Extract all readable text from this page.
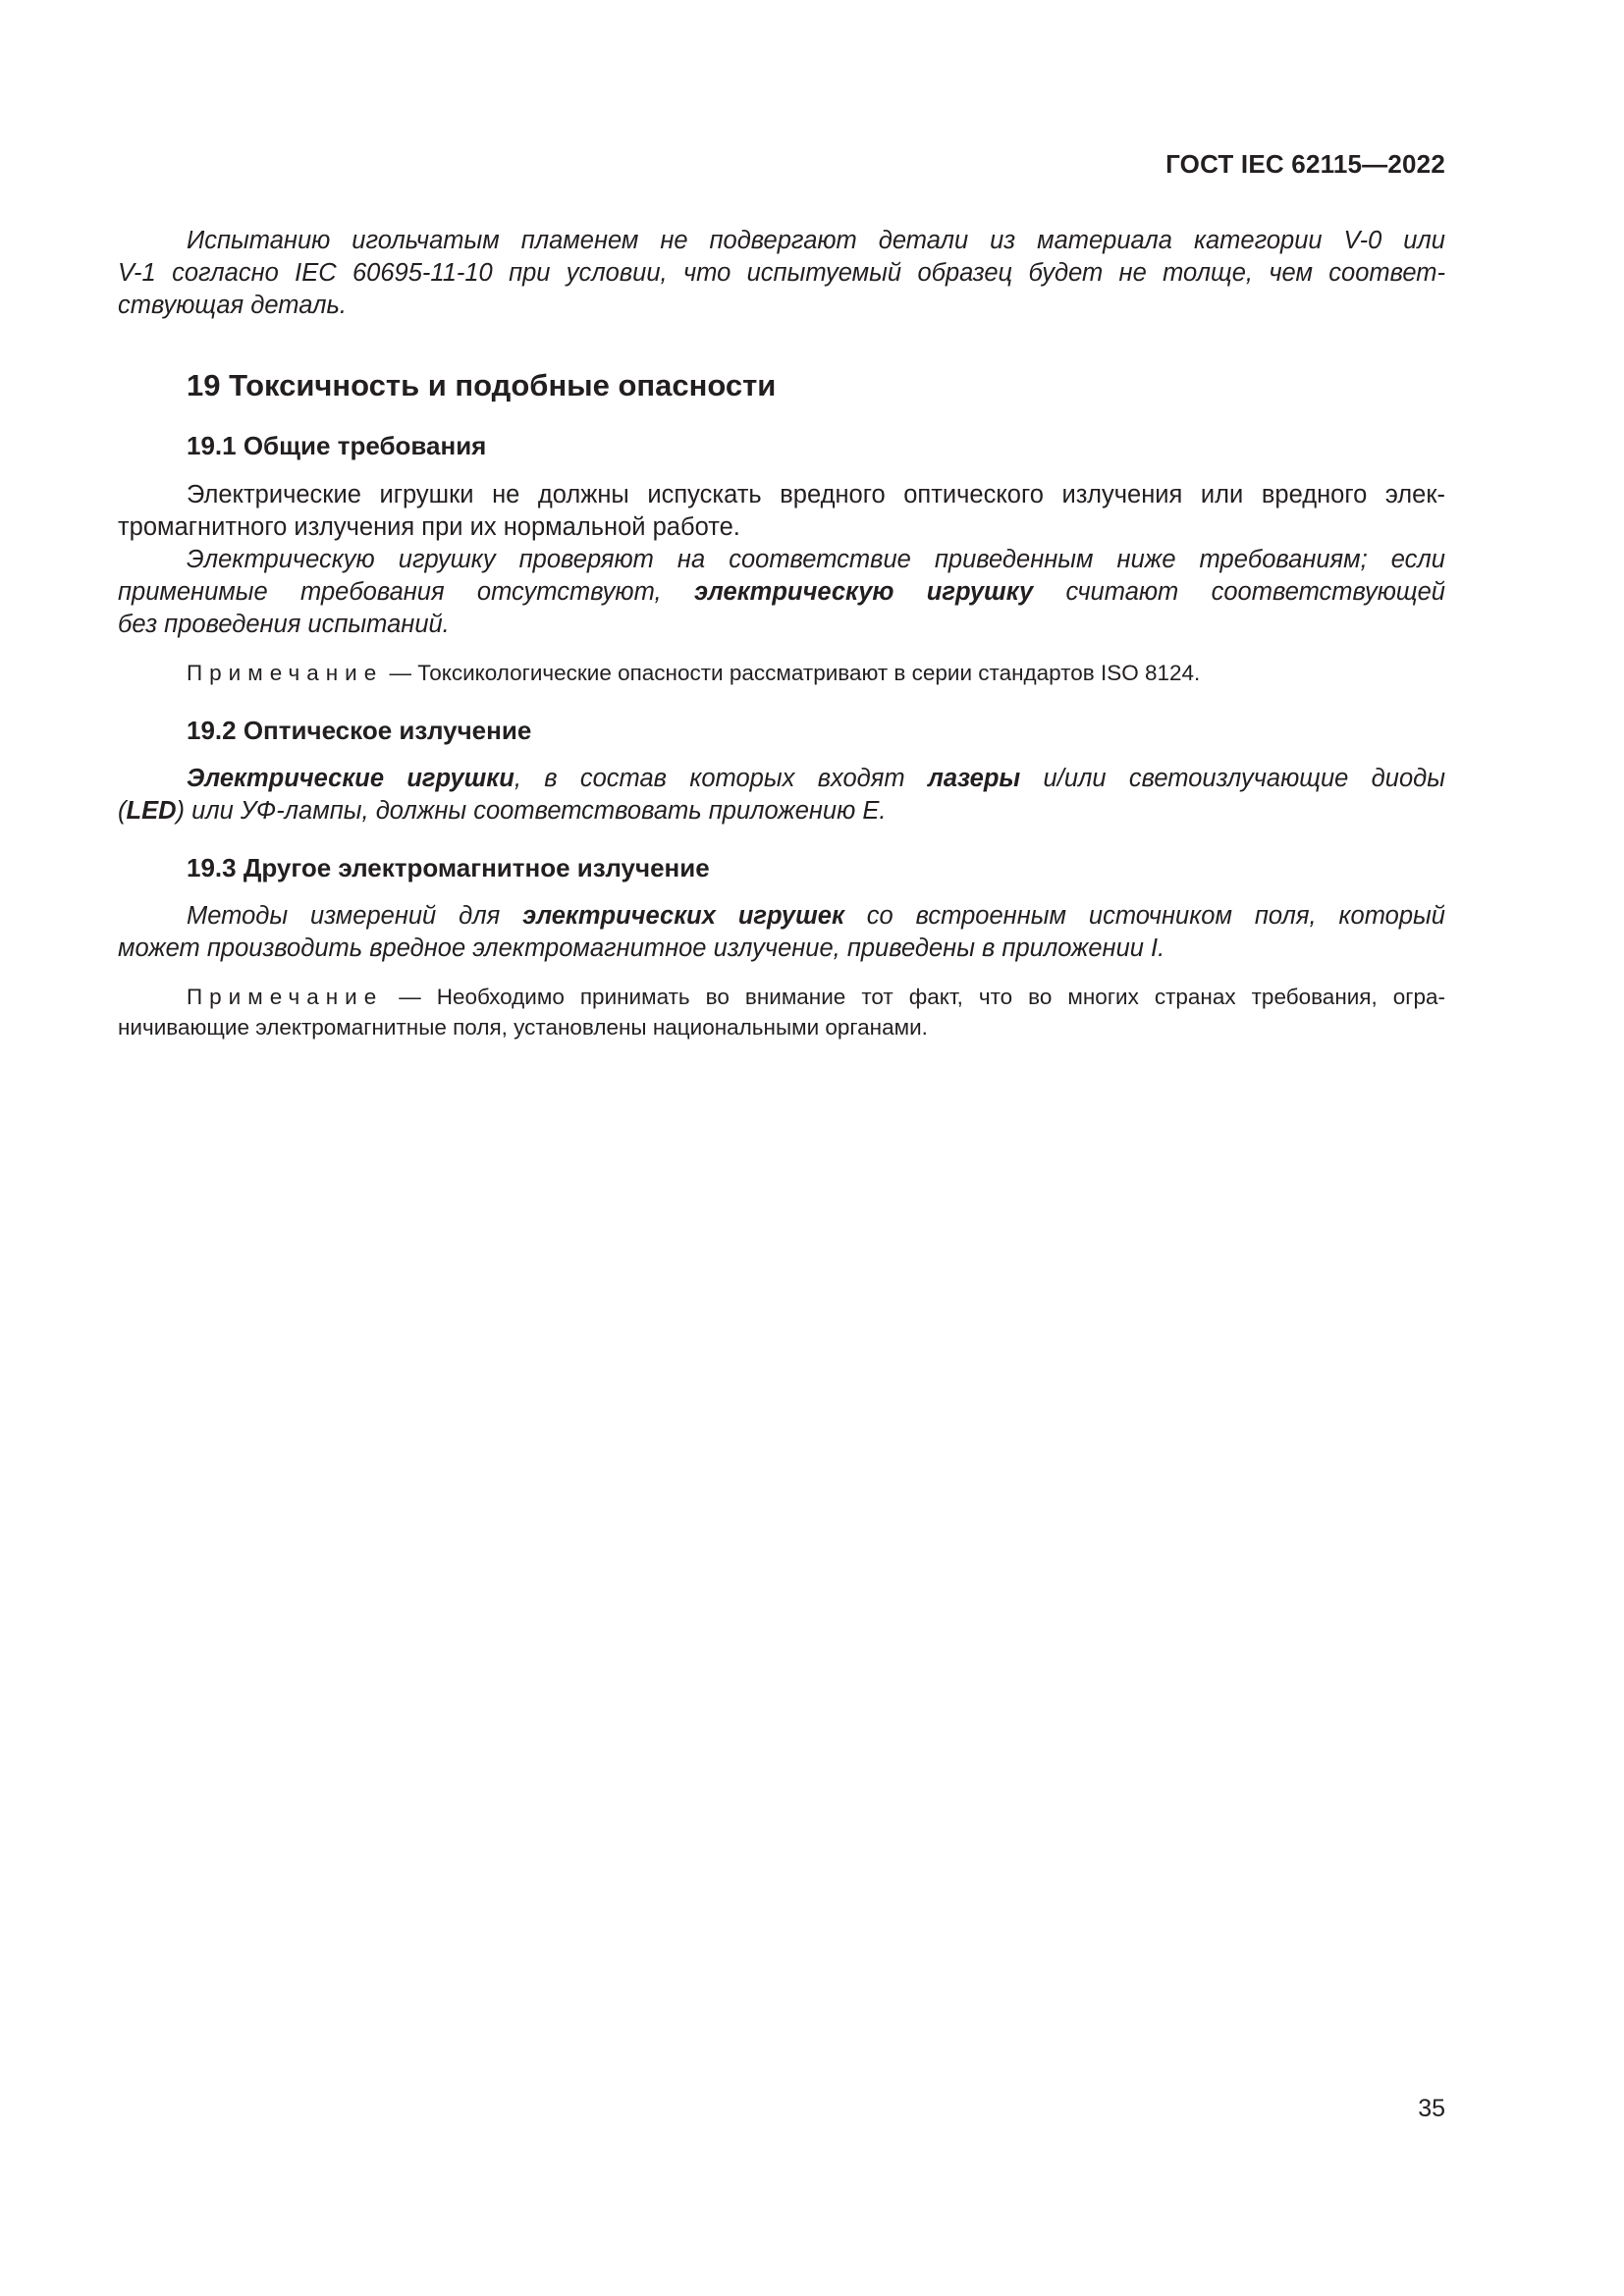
ГОСТ IEC 62115—2022
Испытанию игольчатым пламенем не подвергают детали из материала категории V-0 или
V-1 согласно IEC 60695-11-10 при условии, что испытуемый образец будет не толще, чем соответ-
ствующая деталь.
19 Токсичность и подобные опасности
19.1 Общие требования
Электрические игрушки не должны испускать вредного оптического излучения или вредного элек-
тромагнитного излучения при их нормальной работе.
Электрическую игрушку проверяют на соответствие приведенным ниже требованиям; если
применимые требования отсутствуют, электрическую игрушку считают соответствующей
без проведения испытаний.
Примечание — Токсикологические опасности рассматривают в серии стандартов ISO 8124.
19.2 Оптическое излучение
Электрические игрушки, в состав которых входят лазеры и/или светоизлучающие диоды
(LED) или УФ-лампы, должны соответствовать приложению Е.
19.3 Другое электромагнитное излучение
Методы измерений для электрических игрушек со встроенным источником поля, который
может производить вредное электромагнитное излучение, приведены в приложении I.
Примечание — Необходимо принимать во внимание тот факт, что во многих странах требования, огра-
ничивающие электромагнитные поля, установлены национальными органами.
35
